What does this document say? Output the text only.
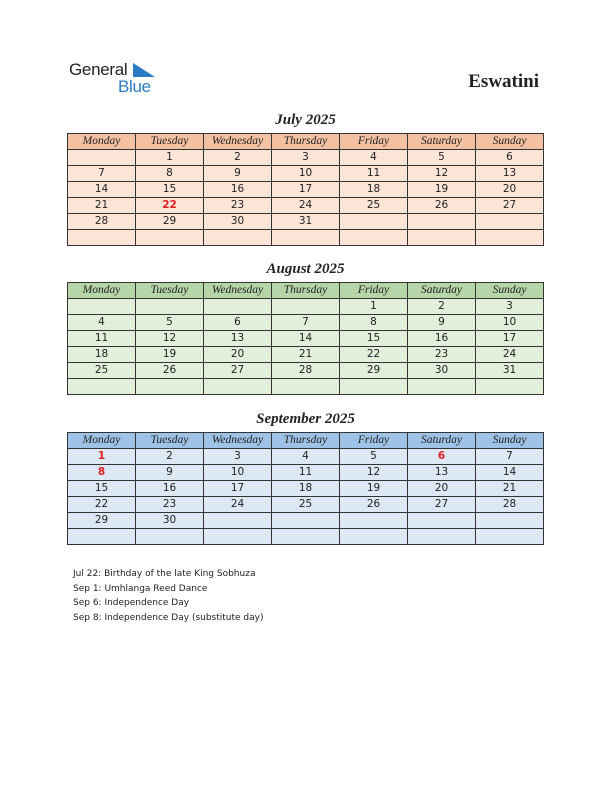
General
Blue	Eswatini
July 2025
Monday	Tuesday	Wednesday	Thursday	Friday	Saturday	Sunday
	1	2	3	4	5	6
7	8	9	10	11	12	13
14	15	16	17	18	19	20
21	22	23	24	25	26	27
28	29	30	31			

August 2025
Monday	Tuesday	Wednesday	Thursday	Friday	Saturday	Sunday
				1	2	3
4	5	6	7	8	9	10
11	12	13	14	15	16	17
18	19	20	21	22	23	24
25	26	27	28	29	30	31

September 2025
Monday	Tuesday	Wednesday	Thursday	Friday	Saturday	Sunday
1	2	3	4	5	6	7
8	9	10	11	12	13	14
15	16	17	18	19	20	21
22	23	24	25	26	27	28
29	30					

Jul 22: Birthday of the late King Sobhuza
Sep 1: Umhlanga Reed Dance
Sep 6: Independence Day
Sep 8: Independence Day (substitute day)
